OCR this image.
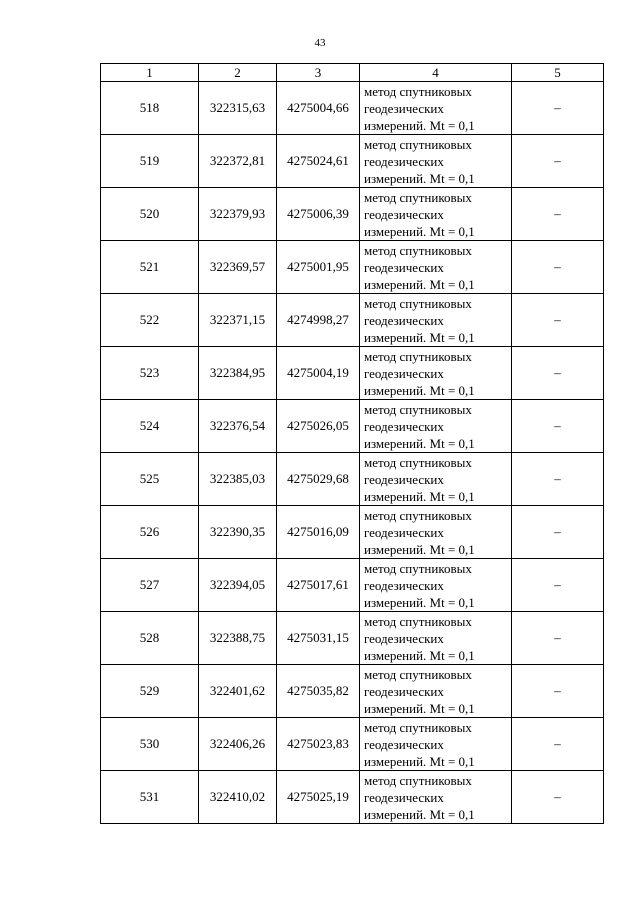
43
1	2	3	4	5
518	322315,63	4275004,66	метод спутниковых
геодезических
измерений. Mt = 0,1	–
519	322372,81	4275024,61	метод спутниковых
геодезических
измерений. Mt = 0,1	–
520	322379,93	4275006,39	метод спутниковых
геодезических
измерений. Mt = 0,1	–
521	322369,57	4275001,95	метод спутниковых
геодезических
измерений. Mt = 0,1	–
522	322371,15	4274998,27	метод спутниковых
геодезических
измерений. Mt = 0,1	–
523	322384,95	4275004,19	метод спутниковых
геодезических
измерений. Mt = 0,1	–
524	322376,54	4275026,05	метод спутниковых
геодезических
измерений. Mt = 0,1	–
525	322385,03	4275029,68	метод спутниковых
геодезических
измерений. Mt = 0,1	–
526	322390,35	4275016,09	метод спутниковых
геодезических
измерений. Mt = 0,1	–
527	322394,05	4275017,61	метод спутниковых
геодезических
измерений. Mt = 0,1	–
528	322388,75	4275031,15	метод спутниковых
геодезических
измерений. Mt = 0,1	–
529	322401,62	4275035,82	метод спутниковых
геодезических
измерений. Mt = 0,1	–
530	322406,26	4275023,83	метод спутниковых
геодезических
измерений. Mt = 0,1	–
531	322410,02	4275025,19	метод спутниковых
геодезических
измерений. Mt = 0,1	–
